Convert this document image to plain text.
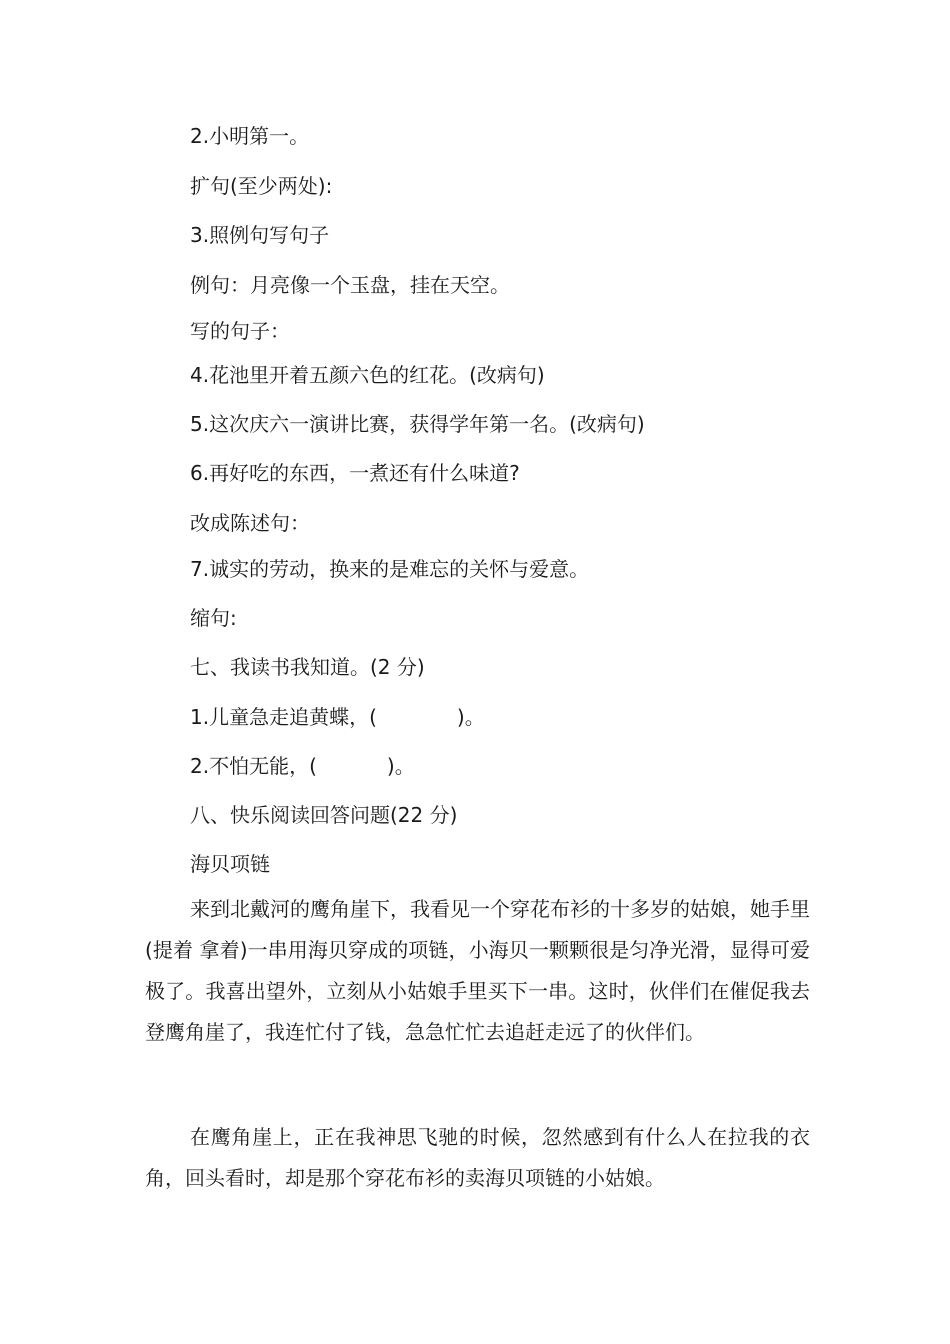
2.小明第一。
扩句(至少两处):
3.照例句写句子
例句：月亮像一个玉盘，挂在天空。
写的句子：
4.花池里开着五颜六色的红花。(改病句)
5.这次庆六一演讲比赛，获得学年第一名。(改病句)
6.再好吃的东西，一煮还有什么味道?
改成陈述句：
7.诚实的劳动，换来的是难忘的关怀与爱意。
缩句:
七、我读书我知道。(2 分)
1.儿童急走追黄蝶，(	)。
2.不怕无能，(	)。
八、快乐阅读回答问题(22 分)
海贝项链
来到北戴河的鹰角崖下，我看见一个穿花布衫的十多岁的姑娘，她手里(提着 拿着)一串用海贝穿成的项链，小海贝一颗颗很是匀净光滑，显得可爱极了。我喜出望外，立刻从小姑娘手里买下一串。这时，伙伴们在催促我去登鹰角崖了，我连忙付了钱，急急忙忙去追赶走远了的伙伴们。
在鹰角崖上，正在我神思飞驰的时候，忽然感到有什么人在拉我的衣角，回头看时，却是那个穿花布衫的卖海贝项链的小姑娘。
